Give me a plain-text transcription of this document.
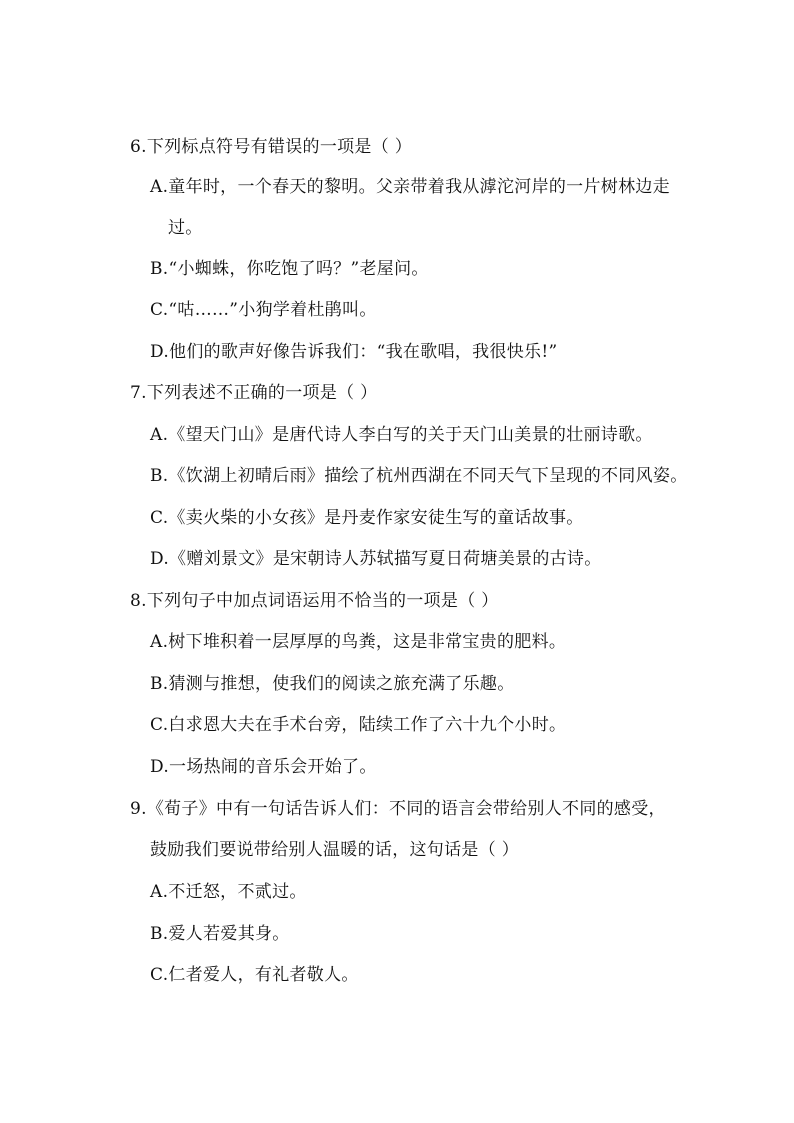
6.下列标点符号有错误的一项是（ ）
A.童年时，一个春天的黎明。父亲带着我从滹沱河岸的一片树林边走
过。
B.“小蜘蛛，你吃饱了吗？”老屋问。
C.“咕……”小狗学着杜鹃叫。
D.他们的歌声好像告诉我们：“我在歌唱，我很快乐!”
7.下列表述不正确的一项是（ ）
A.《望天门山》是唐代诗人李白写的关于天门山美景的壮丽诗歌。
B.《饮湖上初晴后雨》描绘了杭州西湖在不同天气下呈现的不同风姿。
C.《卖火柴的小女孩》是丹麦作家安徒生写的童话故事。
D.《赠刘景文》是宋朝诗人苏轼描写夏日荷塘美景的古诗。
8.下列句子中加点词语运用不恰当的一项是（ ）
A.树下堆积着一层厚厚的鸟粪，这是非常宝贵的肥料。
B.猜测与推想，使我们的阅读之旅充满了乐趣。
C.白求恩大夫在手术台旁，陆续工作了六十九个小时。
D.一场热闹的音乐会开始了。
9.《荀子》中有一句话告诉人们：不同的语言会带给别人不同的感受，
鼓励我们要说带给别人温暖的话，这句话是（ ）
A.不迁怒，不贰过。
B.爱人若爱其身。
C.仁者爱人，有礼者敬人。
